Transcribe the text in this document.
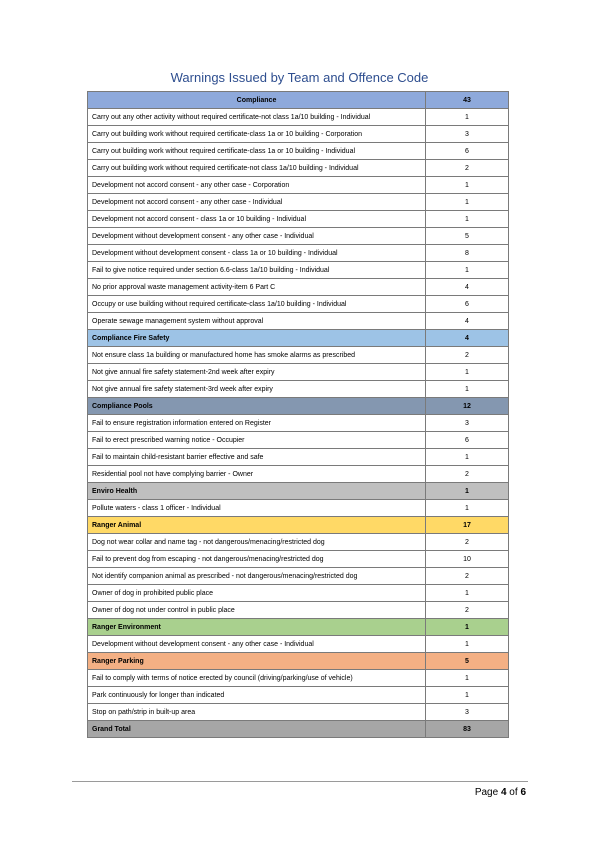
Warnings Issued by Team and Offence Code
Compliance	43
Carry out any other activity without required certificate-not class 1a/10 building - Individual	1
Carry out building work without required certificate-class 1a or 10 building - Corporation	3
Carry out building work without required certificate-class 1a or 10 building - Individual	6
Carry out building work without required certificate-not class 1a/10 building - Individual	2
Development not accord consent - any other case - Corporation	1
Development not accord consent - any other case - Individual	1
Development not accord consent - class 1a or 10 building - Individual	1
Development without development consent - any other case - Individual	5
Development without development consent - class 1a or 10 building - Individual	8
Fail to give notice required under section 6.6-class 1a/10 building - Individual	1
No prior approval waste management activity-item 6 Part C	4
Occupy or use building without required certificate-class 1a/10 building - Individual	6
Operate sewage management system without approval	4
Compliance Fire Safety	4
Not ensure class 1a building or manufactured home has smoke alarms as prescribed	2
Not give annual fire safety statement-2nd week after expiry	1
Not give annual fire safety statement-3rd week after expiry	1
Compliance Pools	12
Fail to ensure registration information entered on Register	3
Fail to erect prescribed warning notice - Occupier	6
Fail to maintain child-resistant barrier effective and safe	1
Residential pool not have complying barrier - Owner	2
Enviro Health	1
Pollute waters - class 1 officer - Individual	1
Ranger Animal	17
Dog not wear collar and name tag - not dangerous/menacing/restricted dog	2
Fail to prevent dog from escaping - not dangerous/menacing/restricted dog	10
Not identify companion animal as prescribed - not dangerous/menacing/restricted dog	2
Owner of dog in prohibited public place	1
Owner of dog not under control in public place	2
Ranger Environment	1
Development without development consent - any other case - Individual	1
Ranger Parking	5
Fail to comply with terms of notice erected by council (driving/parking/use of vehicle)	1
Park continuously for longer than indicated	1
Stop on path/strip in built-up area	3
Grand Total	83
Page 4 of 6
